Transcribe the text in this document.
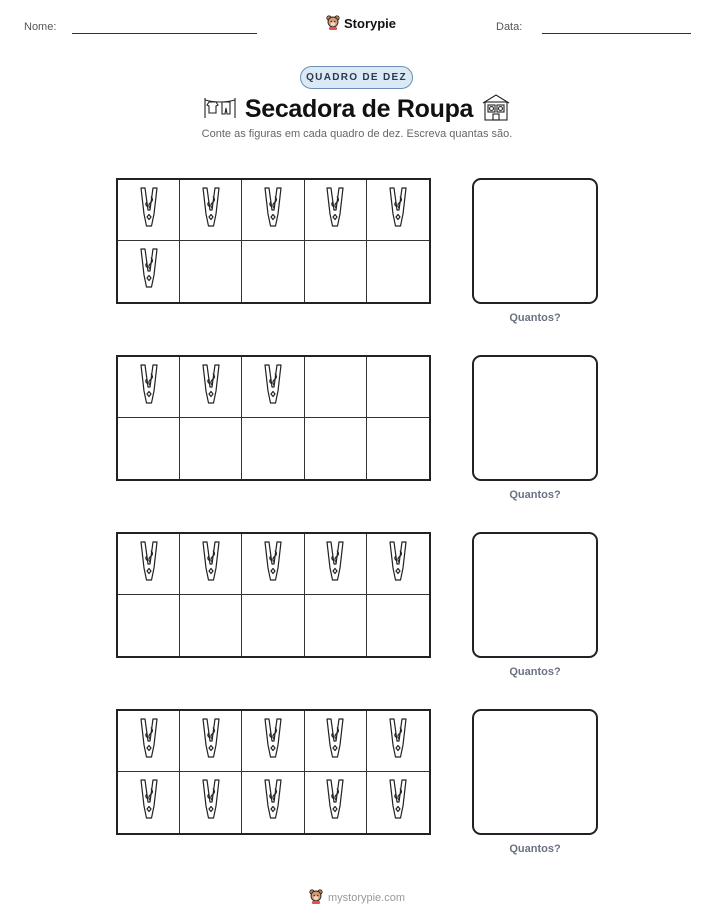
Nome:	Storypie	Data:
QUADRO DE DEZ
Secadora de Roupa
Conte as figuras em cada quadro de dez. Escreva quantas são.
Quantos?
Quantos?
Quantos?
Quantos?
mystorypie.com
